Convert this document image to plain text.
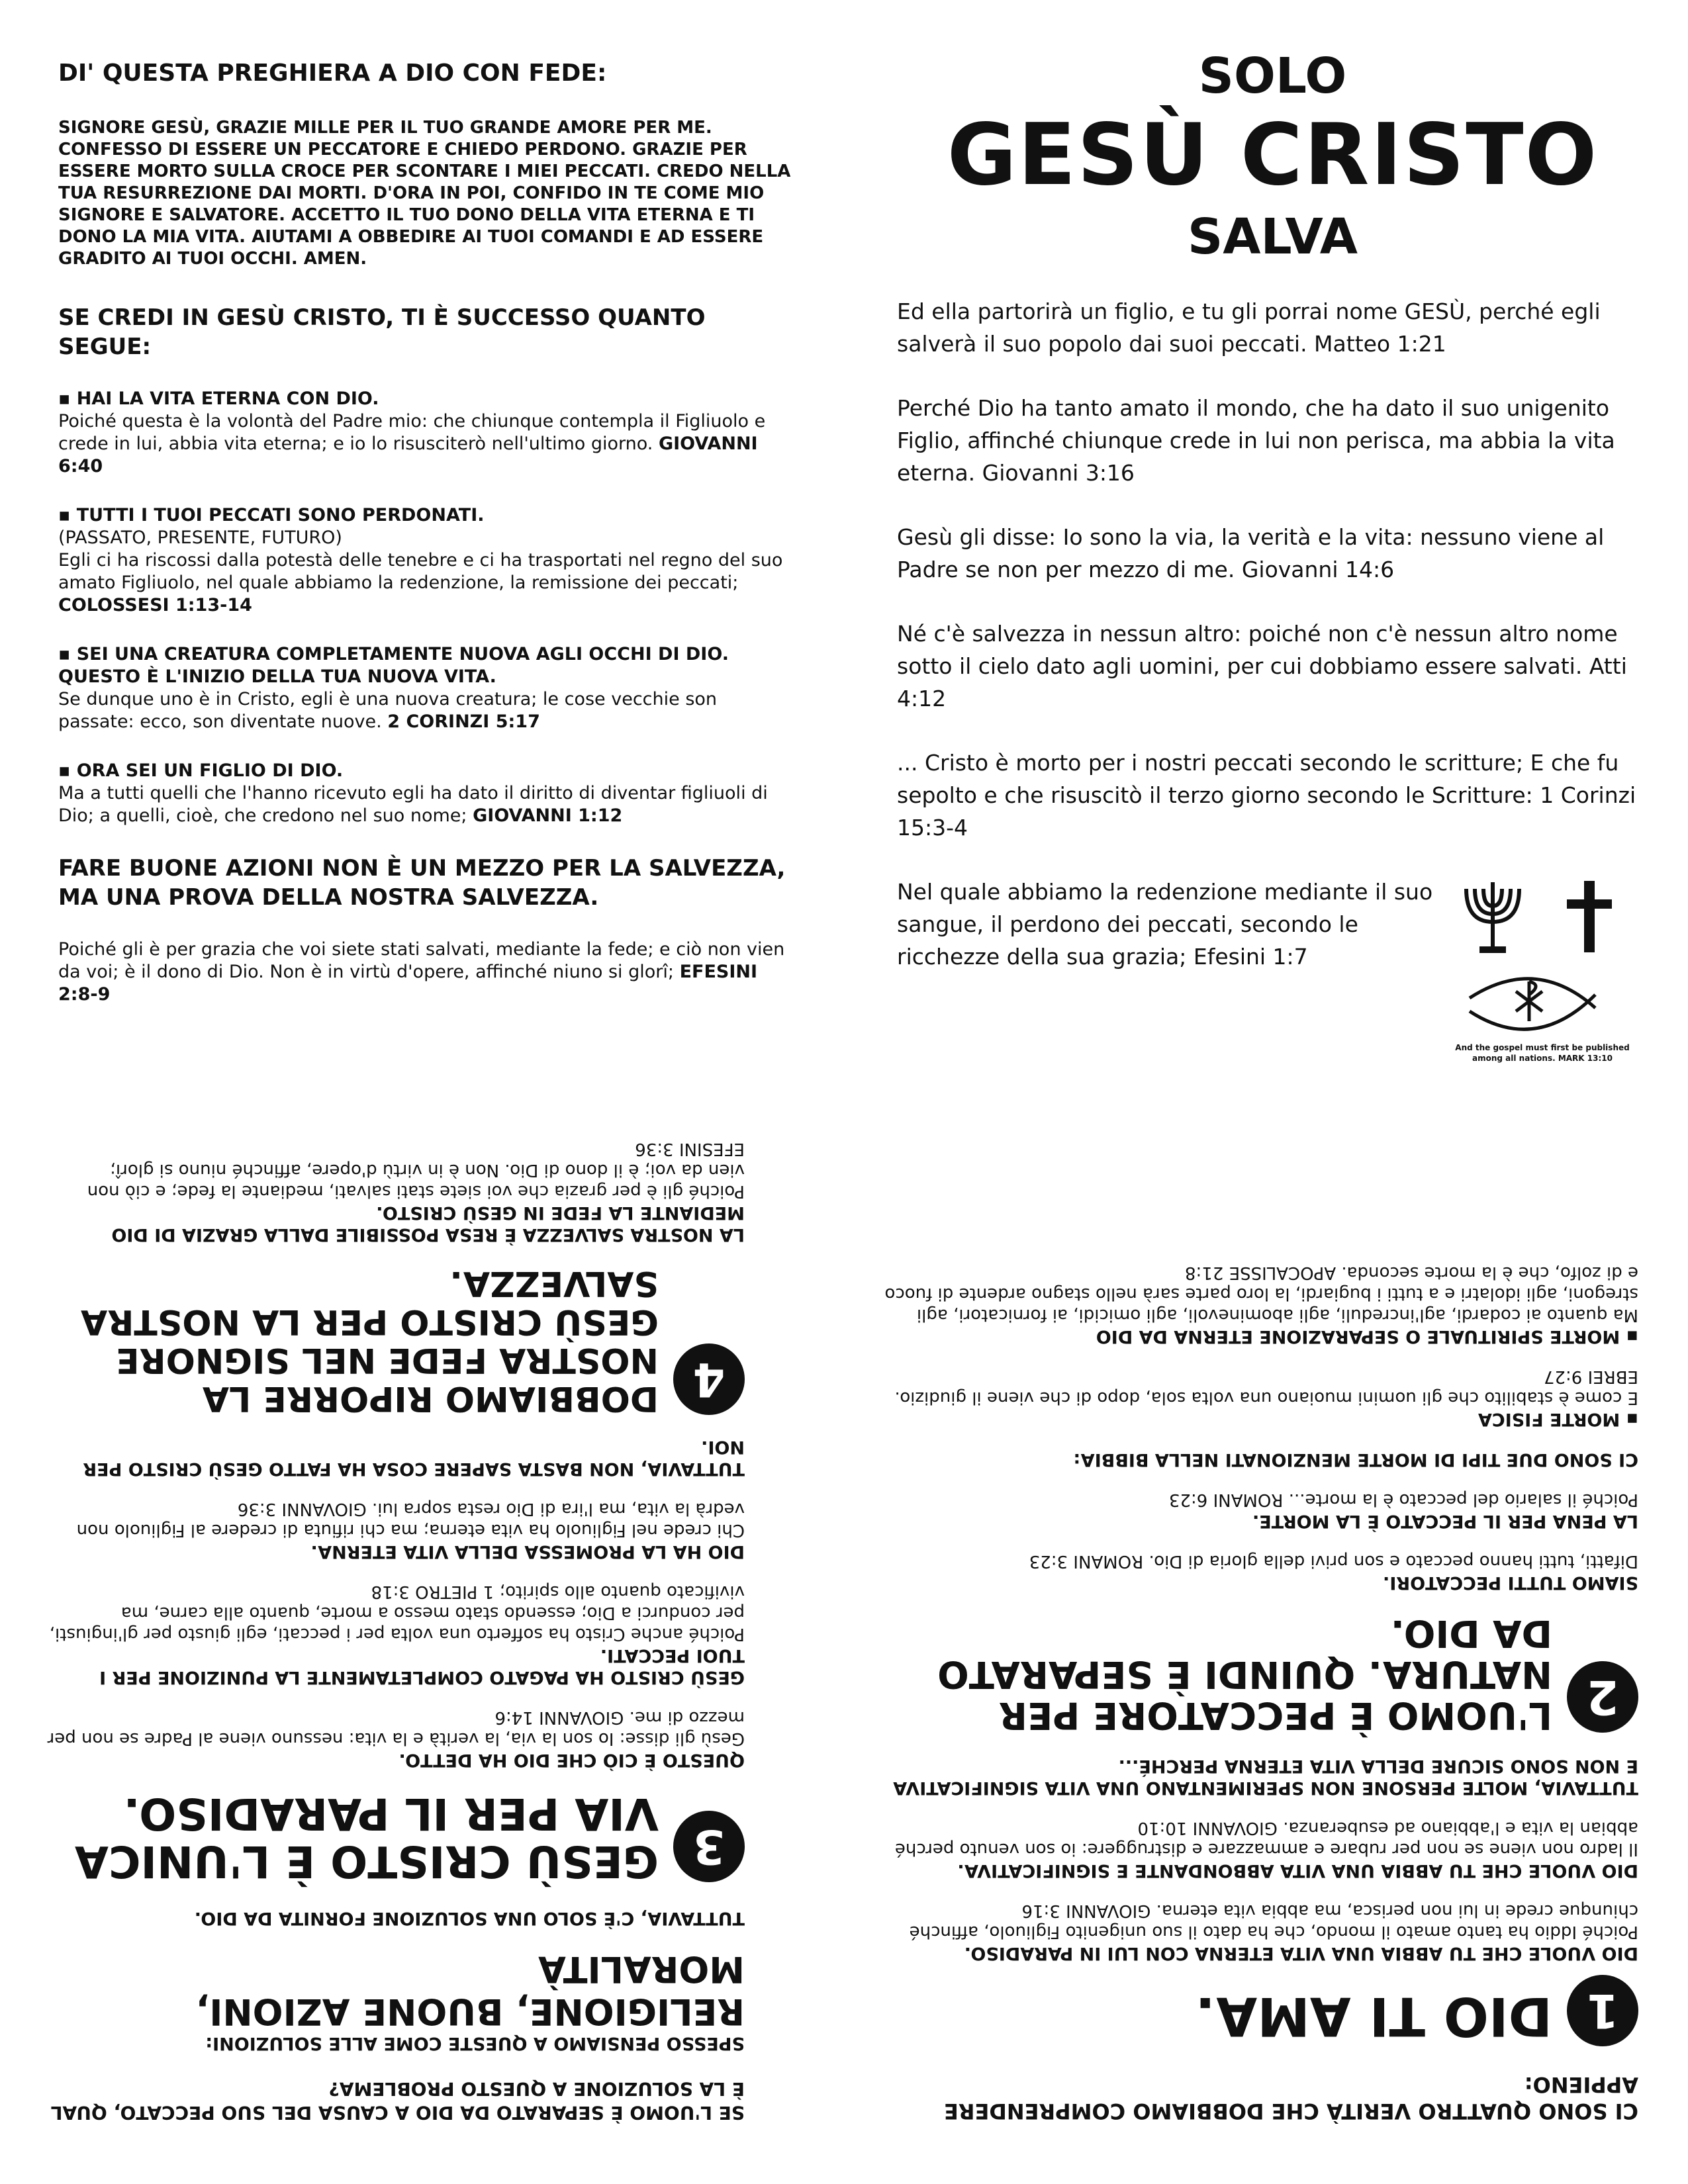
DI' QUESTA PREGHIERA A DIO CON FEDE:

SIGNORE GESÙ, GRAZIE MILLE PER IL TUO GRANDE AMORE PER ME. CONFESSO DI ESSERE UN PECCATORE E CHIEDO PERDONO. GRAZIE PER ESSERE MORTO SULLA CROCE PER SCONTARE I MIEI PECCATI. CREDO NELLA TUA RESURREZIONE DAI MORTI. D'ORA IN POI, CONFIDO IN TE COME MIO SIGNORE E SALVATORE. ACCETTO IL TUO DONO DELLA VITA ETERNA E TI DONO LA MIA VITA. AIUTAMI A OBBEDIRE AI TUOI COMANDI E AD ESSERE GRADITO AI TUOI OCCHI. AMEN.

SE CREDI IN GESÙ CRISTO, TI È SUCCESSO QUANTO SEGUE:

▪ HAI LA VITA ETERNA CON DIO.
Poiché questa è la volontà del Padre mio: che chiunque contempla il Figliuolo e crede in lui, abbia vita eterna; e io lo risusciterò nell'ultimo giorno. GIOVANNI 6:40
▪ TUTTI I TUOI PECCATI SONO PERDONATI.
(PASSATO, PRESENTE, FUTURO)
Egli ci ha riscossi dalla potestà delle tenebre e ci ha trasportati nel regno del suo amato Figliuolo, nel quale abbiamo la redenzione, la remissione dei peccati; COLOSSESI 1:13-14
▪ SEI UNA CREATURA COMPLETAMENTE NUOVA AGLI OCCHI DI DIO. QUESTO È L'INIZIO DELLA TUA NUOVA VITA.
Se dunque uno è in Cristo, egli è una nuova creatura; le cose vecchie son passate: ecco, son diventate nuove. 2 CORINZI 5:17
▪ ORA SEI UN FIGLIO DI DIO.
Ma a tutti quelli che l'hanno ricevuto egli ha dato il diritto di diventar figliuoli di Dio; a quelli, cioè, che credono nel suo nome; GIOVANNI 1:12

FARE BUONE AZIONI NON È UN MEZZO PER LA SALVEZZA, MA UNA PROVA DELLA NOSTRA SALVEZZA.

Poiché gli è per grazia che voi siete stati salvati, mediante la fede; e ciò non vien da voi; è il dono di Dio. Non è in virtù d'opere, affinché niuno si glorî; EFESINI 2:8-9
SOLO
GESÙ CRISTO
SALVA

Ed ella partorirà un figlio, e tu gli porrai nome GESÙ, perché egli salverà il suo popolo dai suoi peccati. Matteo 1:21

Perché Dio ha tanto amato il mondo, che ha dato il suo unigenito Figlio, affinché chiunque crede in lui non perisca, ma abbia la vita eterna. Giovanni 3:16

Gesù gli disse: Io sono la via, la verità e la vita: nessuno viene al Padre se non per mezzo di me. Giovanni 14:6

Né c'è salvezza in nessun altro: poiché non c'è nessun altro nome sotto il cielo dato agli uomini, per cui dobbiamo essere salvati. Atti 4:12

... Cristo è morto per i nostri peccati secondo le scritture; E che fu sepolto e che risuscitò il terzo giorno secondo le Scritture: 1 Corinzi 15:3-4

Nel quale abbiamo la redenzione mediante il suo sangue, il perdono dei peccati, secondo le ricchezze della sua grazia; Efesini 1:7

And the gospel must first be published among all nations. MARK 13:10

SE L'UOMO È SEPARATO DA DIO A CAUSA DEL SUO PECCATO, QUAL È LA SOLUZIONE A QUESTO PROBLEMA?

SPESSO PENSIAMO A QUESTE COME ALLE SOLUZIONI:

RELIGIONE, BUONE AZIONI, MORALITÀ

TUTTAVIA, C'È SOLO UNA SOLUZIONE FORNITA DA DIO.

3

GESÙ CRISTO È L'UNICA VIA PER IL PARADISO.

QUESTO È CIÒ CHE DIO HA DETTO.

Gesù gli disse: Io son la via, la verità e la vita: nessuno viene al Padre se non per mezzo di me. GIOVANNI 14:6

GESÙ CRISTO HA PAGATO COMPLETAMENTE LA PUNIZIONE PER I TUOI PECCATI.

Poiché anche Cristo ha sofferto una volta per i peccati, egli giusto per gl'ingiusti, per condurci a Dio; essendo stato messo a morte, quanto alla carne, ma vivificato quanto allo spirito; 1 PIETRO 3:18

DIO HA LA PROMESSA DELLA VITA ETERNA.

Chi crede nel Figliuolo ha vita eterna; ma chi rifiuta di credere al Figliuolo non vedrà la vita, ma l'ira di Dio resta sopra lui. GIOVANNI 3:36

TUTTAVIA, NON BASTA SAPERE COSA HA FATTO GESÙ CRISTO PER NOI.

4

DOBBIAMO RIPORRE LA NOSTRA FEDE NEL SIGNORE GESÙ CRISTO PER LA NOSTRA SALVEZZA.

LA NOSTRA SALVEZZA È RESA POSSIBILE DALLA GRAZIA DI DIO MEDIANTE LA FEDE IN GESÙ CRISTO.

Poiché gli è per grazia che voi siete stati salvati, mediante la fede; e ciò non vien da voi; è il dono di Dio. Non è in virtù d'opere, affinché niuno si glorî; EFESINI 3:36

CI SONO QUATTRO VERITÀ CHE DOBBIAMO COMPRENDERE APPIENO:

1

DIO TI AMA.

DIO VUOLE CHE TU ABBIA UNA VITA ETERNA CON LUI IN PARADISO.

Poiché Iddio ha tanto amato il mondo, che ha dato il suo unigenito Figliuolo, affinché chiunque crede in lui non perisca, ma abbia vita eterna. GIOVANNI 3:16

DIO VUOLE CHE TU ABBIA UNA VITA ABBONDANTE E SIGNIFICATIVA.

Il ladro non viene se non per rubare e ammazzare e distruggere: io son venuto perché abbian la vita e l'abbiano ad esuberanza. GIOVANNI 10:10

TUTTAVIA, MOLTE PERSONE NON SPERIMENTANO UNA VITA SIGNIFICATIVA E NON SONO SICURE DELLA VITA ETERNA PERCHÉ...

2

L'UOMO È PECCATORE PER NATURA. QUINDI È SEPARATO DA DIO.

SIAMO TUTTI PECCATORI.

Difatti, tutti hanno peccato e son privi della gloria di Dio. ROMANI 3:23

LA PENA PER IL PECCATO È LA MORTE.

Poiché il salario del peccato è la morte... ROMANI 6:23

CI SONO DUE TIPI DI MORTE MENZIONATI NELLA BIBBIA:

▪ MORTE FISICA

E come è stabilito che gli uomini muoiano una volta sola, dopo di che viene il giudizio. EBREI 9:27

▪ MORTE SPIRITUALE O SEPARAZIONE ETERNA DA DIO

Ma quanto ai codardi, agl'increduli, agli abominevoli, agli omicidi, ai fornicatori, agli stregoni, agli idolatri e a tutti i bugiardi, la loro parte sarà nello stagno ardente di fuoco e di zolfo, che è la morte seconda. APOCALISSE 21:8
